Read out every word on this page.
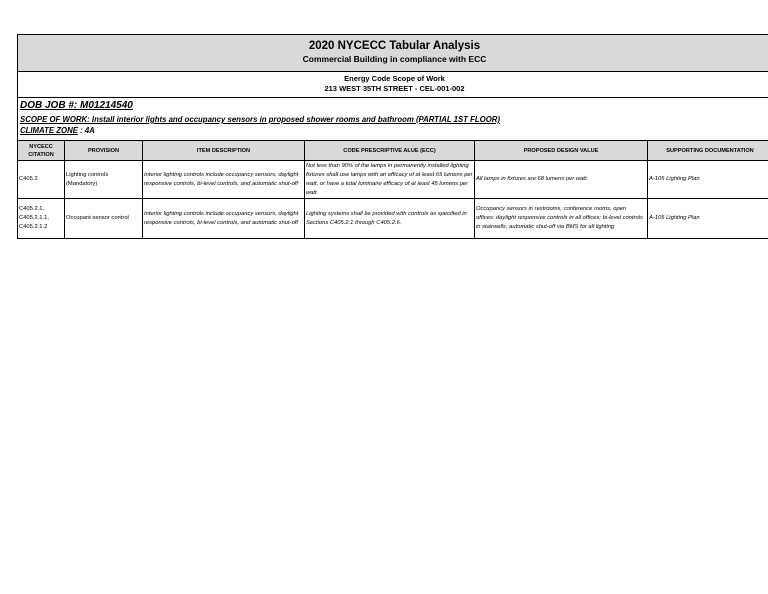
2020 NYCECC Tabular Analysis
Commercial Building in compliance with ECC
Energy Code Scope of Work
213 WEST 35TH STREET - CEL-001-002
DOB JOB #: M01214540
SCOPE OF WORK: Install interior lights and occupancy sensors in proposed shower rooms and bathroom (PARTIAL 1ST FLOOR)
CLIMATE ZONE : 4A
NYCECC CITATION	PROVISION	ITEM DESCRIPTION	CODE PRESCRIPTIVE ALUE (ECC)	PROPOSED DESIGN VALUE	SUPPORTING DOCUMENTATION
C405.2	Lighting controls (Mandatory)	Interior lighting controls include occupancy sensors, daylight responsive controls, bi-level controls, and automatic shut-off	Not less than 90% of the lamps in permanently installed lighting fixtures shall use lamps with an efficacy of at least 65 lumens per watt, or have a total luminaire efficacy of at least 45 lumens per watt.	All lamps in fixtures are 68 lumens per watt.	A-105 Lighting Plan
C405.2.1, C405.2.1.1, C405.2.1.2	Occupant sensor control	Interior lighting controls include occupancy sensors, daylight responsive controls, bi-level controls, and automatic shut-off	Lighting systems shall be provided with controls as specified in Sections C405.2.1 through C405.2.6.	Occupancy sensors in restrooms, conference rooms, open offices; daylight responsive controls in all offices; bi-level controls in stairwells; automatic shut-off via BMS for all lighting	A-105 Lighting Plan
